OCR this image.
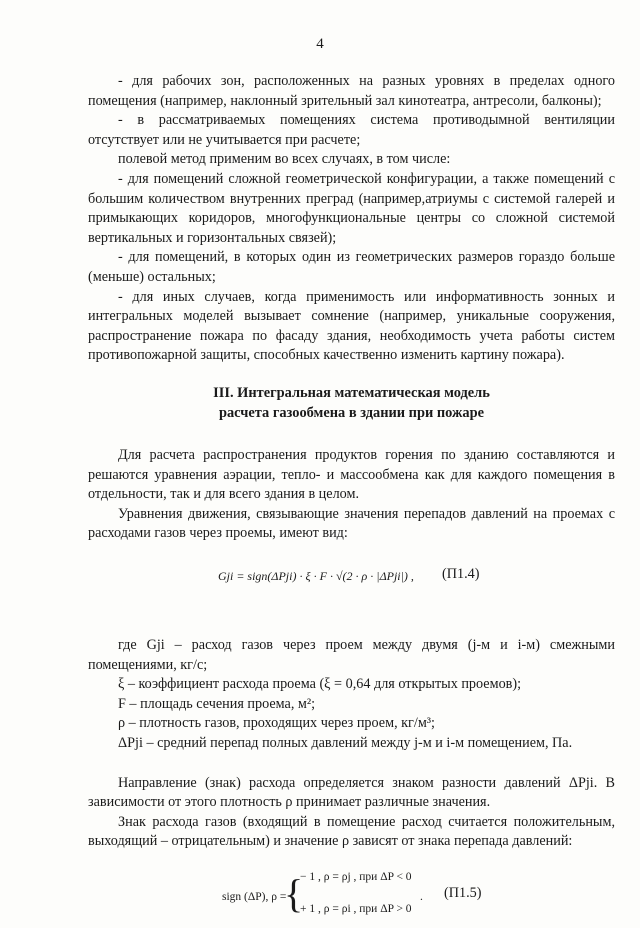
4

- для рабочих зон, расположенных на разных уровнях в пределах одного помещения (например, наклонный зрительный зал кинотеатра, антресоли, балконы);

- в рассматриваемых помещениях система противодымной вентиляции отсутствует или не учитывается при расчете;

полевой метод применим во всех случаях, в том числе:

- для помещений сложной геометрической конфигурации, а также помещений с большим количеством внутренних преград (например,атриумы с системой галерей и примыкающих коридоров, многофункциональные центры со сложной системой вертикальных и горизонтальных связей);

- для помещений, в которых один из геометрических размеров гораздо больше (меньше) остальных;

- для иных случаев, когда применимость или информативность зонных и интегральных моделей вызывает сомнение (например, уникальные сооружения, распространение пожара по фасаду здания, необходимость учета работы систем противопожарной защиты, способных качественно изменить картину пожара).

III. Интегральная математическая модель
расчета газообмена в здании при пожаре

Для расчета распространения продуктов горения по зданию составляются и решаются уравнения аэрации, тепло- и массообмена как для каждого помещения в отдельности, так и для всего здания в целом.

Уравнения движения, связывающие значения перепадов давлений на проемах с расходами газов через проемы, имеют вид:

Gji = sign(ΔPji) · ξ · F · √(2 · ρ · |ΔPji|) , (П1.4)

где Gji – расход газов через проем между двумя (j-м и i-м) смежными помещениями, кг/с;

ξ – коэффициент расхода проема (ξ = 0,64 для открытых проемов);

F – площадь сечения проема, м²;

ρ – плотность газов, проходящих через проем, кг/м³;

ΔPji – средний перепад полных давлений между j-м и i-м помещением, Па.

Направление (знак) расхода определяется знаком разности давлений ΔPji. В зависимости от этого плотность ρ принимает различные значения.

Знак расхода газов (входящий в помещение расход считается положительным, выходящий – отрицательным) и значение ρ зависят от знака перепада давлений:

sign (ΔP), ρ =
{
− 1 , ρ = ρj , при ΔP < 0
+ 1 , ρ = ρi , при ΔP > 0
. (П1.5)
